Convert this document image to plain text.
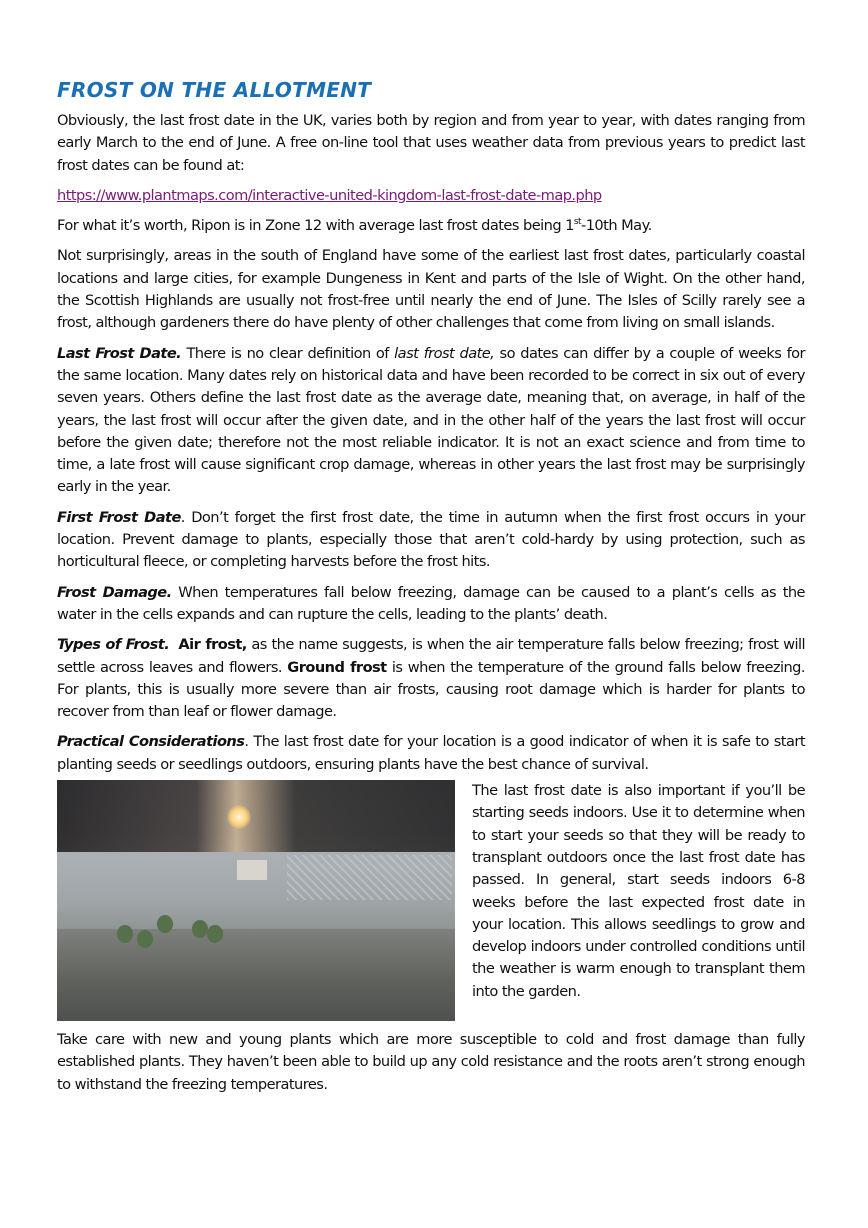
FROST ON THE ALLOTMENT

Obviously, the last frost date in the UK, varies both by region and from year to year, with dates ranging from early March to the end of June. A free on-line tool that uses weather data from previous years to predict last frost dates can be found at:

https://www.plantmaps.com/interactive-united-kingdom-last-frost-date-map.php

For what it’s worth, Ripon is in Zone 12 with average last frost dates being 1st-10th May.

Not surprisingly, areas in the south of England have some of the earliest last frost dates, particularly coastal locations and large cities, for example Dungeness in Kent and parts of the Isle of Wight. On the other hand, the Scottish Highlands are usually not frost-free until nearly the end of June. The Isles of Scilly rarely see a frost, although gardeners there do have plenty of other challenges that come from living on small islands.

Last Frost Date. There is no clear definition of last frost date, so dates can differ by a couple of weeks for the same location. Many dates rely on historical data and have been recorded to be correct in six out of every seven years. Others define the last frost date as the average date, meaning that, on average, in half of the years, the last frost will occur after the given date, and in the other half of the years the last frost will occur before the given date; therefore not the most reliable indicator. It is not an exact science and from time to time, a late frost will cause significant crop damage, whereas in other years the last frost may be surprisingly early in the year.

First Frost Date. Don’t forget the first frost date, the time in autumn when the first frost occurs in your location. Prevent damage to plants, especially those that aren’t cold-hardy by using protection, such as horticultural fleece, or completing harvests before the frost hits.

Frost Damage. When temperatures fall below freezing, damage can be caused to a plant’s cells as the water in the cells expands and can rupture the cells, leading to the plants’ death.

Types of Frost. Air frost, as the name suggests, is when the air temperature falls below freezing; frost will settle across leaves and flowers. Ground frost is when the temperature of the ground falls below freezing. For plants, this is usually more severe than air frosts, causing root damage which is harder for plants to recover from than leaf or flower damage.

Practical Considerations. The last frost date for your location is a good indicator of when it is safe to start planting seeds or seedlings outdoors, ensuring plants have the best chance of survival.

The last frost date is also important if you’ll be starting seeds indoors. Use it to determine when to start your seeds so that they will be ready to transplant outdoors once the last frost date has passed. In general, start seeds indoors 6-8 weeks before the last expected frost date in your location. This allows seedlings to grow and develop indoors under controlled conditions until the weather is warm enough to transplant them into the garden.

Take care with new and young plants which are more susceptible to cold and frost damage than fully established plants. They haven’t been able to build up any cold resistance and the roots aren’t strong enough to withstand the freezing temperatures.
